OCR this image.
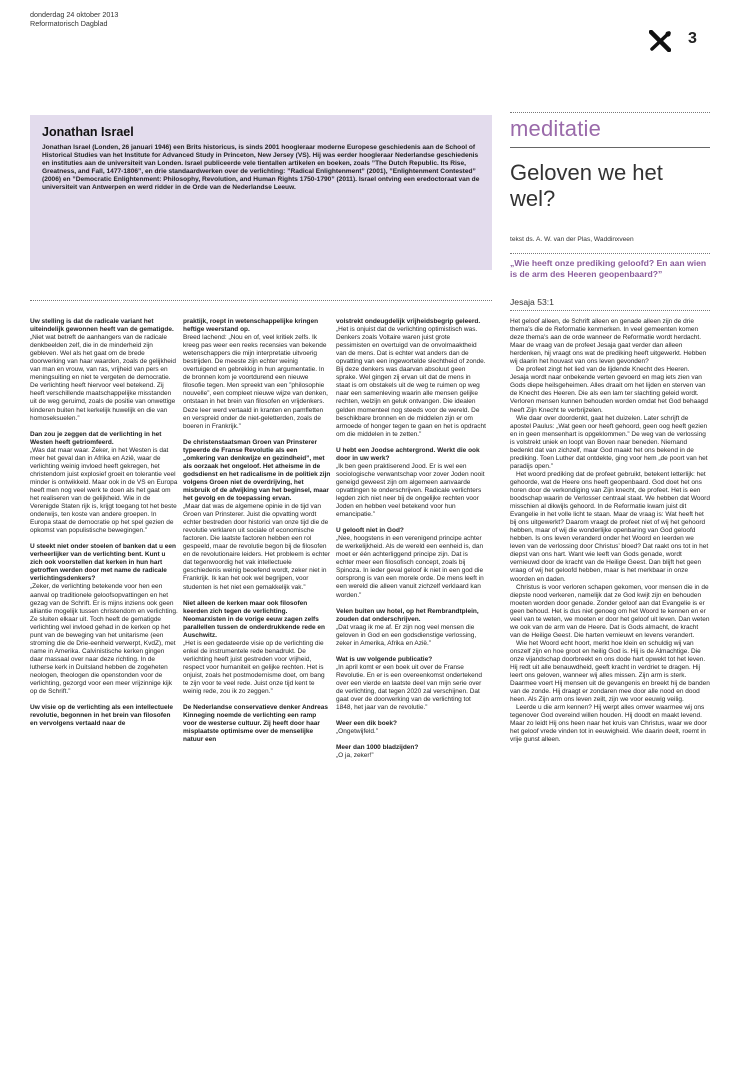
donderdag 24 oktober 2013
Reformatorisch Dagblad
3
Jonathan Israel

Jonathan Israel (Londen, 26 januari 1946) een Brits historicus, is sinds 2001 hoogleraar moderne Europese geschiedenis aan de School of Historical Studies van het Institute for Advanced Study in Princeton, New Jersey (VS). Hij was eerder hoogleraar Nederlandse geschiedenis en instituties aan de universiteit van Londen. Israel publiceerde vele tientallen artikelen en boeken, zoals ”The Dutch Republic. Its Rise, Greatness, and Fall, 1477-1806”, en drie standaardwerken over de verlichting: ”Radical Enlightenment” (2001), ”Enlightenment Contested” (2006) en ”Democratic Enlightenment: Philosophy, Revolution, and Human Rights 1750-1790” (2011). Israel ontving een eredoctoraat van de universiteit van Antwerpen en werd ridder in de Orde van de Nederlandse Leeuw.

Uw stelling is dat de radicale variant het uiteindelijk gewonnen heeft van de gematigde.

„Niet wat betreft de aanhangers van de radicale denkbeelden zelf, die in de minderheid zijn gebleven. Wel als het gaat om de brede doorwerking van haar waarden, zoals de gelijkheid van man en vrouw, van ras, vrijheid van pers en meningsuiting en niet te vergeten de democratie. De verlichting heeft hiervoor veel betekend. Zij heeft verschillende maatschappelijke misstanden uit de weg geruimd, zoals de positie van onwettige kinderen buiten het kerkelijk huwelijk en die van homoseksuelen.”

Dan zou je zeggen dat de verlichting in het Westen heeft getriomfeerd.

„Was dat maar waar. Zeker, in het Westen is dat meer het geval dan in Afrika en Azië, waar de verlichting weinig invloed heeft gekregen, het christendom juist explosief groeit en tolerantie veel minder is ontwikkeld. Maar ook in de VS en Europa heeft men nog veel werk te doen als het gaat om het realiseren van de gelijkheid. Wie in de Verenigde Staten rijk is, krijgt toegang tot het beste onderwijs, ten koste van andere groepen. In Europa staat de democratie op het spel gezien de opkomst van populistische bewegingen.”

U steekt niet onder stoelen of banken dat u een verheerlijker van de verlichting bent. Kunt u zich ook voorstellen dat kerken in hun hart getroffen werden door met name de radicale verlichtingsdenkers?

„Zeker, de verlichting betekende voor hen een aanval op traditionele geloofsopvattingen en het gezag van de Schrift. Er is mijns inziens ook geen alliantie mogelijk tussen christendom en verlichting. Ze sluiten elkaar uit. Toch heeft de gematigde verlichting wel invloed gehad in de kerken op het punt van de beweging van het unitarisme (een stroming die de Drie-eenheid verwerpt, KvdZ), met name in Amerika. Calvinistische kerken gingen daar massaal over naar deze richting. In de lutherse kerk in Duitsland hebben de zogeheten neologen, theologen die openstonden voor de verlichting, gezorgd voor een meer vrijzinnige kijk op de Schrift.”

Uw visie op de verlichting als een intellectuele revolutie, begonnen in het brein van filosofen en vervolgens vertaald naar de

praktijk, roept in wetenschappelijke kringen heftige weerstand op.

Breed lachend: „Nou en of, veel kritiek zelfs. Ik kreeg pas weer een reeks recensies van bekende wetenschappers die mijn interpretatie uitvoerig bestrijden. De meeste zijn echter weinig overtuigend en gebrekkig in hun argumentatie. In de bronnen kom je voortdurend een nieuwe filosofie tegen. Men spreekt van een ”philosophie nouvelle”, een compleet nieuwe wijze van denken, ontstaan in het brein van filosofen en vrijdenkers. Deze leer werd vertaald in kranten en pamfletten en verspreid onder de niet-geletterden, zoals de boeren in Frankrijk.”

De christenstaatsman Groen van Prinsterer typeerde de Franse Revolutie als een „omkering van denkwijze en gezindheid”, met als oorzaak het ongeloof. Het atheisme in de godsdienst en het radicalisme in de politiek zijn volgens Groen niet de overdrijving, het misbruik of de afwijking van het beginsel, maar het gevolg en de toepassing ervan.

„Maar dat was de algemene opinie in de tijd van Groen van Prinsterer. Juist die opvatting wordt echter bestreden door historici van onze tijd die de revolutie verklaren uit sociale of economische factoren. Die laatste factoren hebben een rol gespeeld, maar de revolutie begon bij de filosofen en de revolutionaire leiders. Het probleem is echter dat tegenwoordig het vak intellectuele geschiedenis weinig beoefend wordt, zeker niet in Frankrijk. Ik kan het ook wel begrijpen, voor studenten is het niet een gemakkelijk vak.”

Niet alleen de kerken maar ook filosofen keerden zich tegen de verlichting. Neomarxisten in de vorige eeuw zagen zelfs parallellen tussen de onderdrukkende rede en Auschwitz.

„Het is een gedateerde visie op de verlichting die enkel de instrumentele rede benadrukt. De verlichting heeft juist gestreden voor vrijheid, respect voor humaniteit en gelijke rechten. Het is onjuist, zoals het postmodernisme doet, om bang te zijn voor te veel rede. Juist onze tijd kent te weinig rede, zou ik zo zeggen.”

De Nederlandse conservatieve denker Andreas Kinneging noemde de verlichting een ramp voor de westerse cultuur. Zij heeft door haar misplaatste optimisme over de menselijke natuur een

volstrekt ondeugdelijk vrijheidsbegrip geleerd.

„Het is onjuist dat de verlichting optimistisch was. Denkers zoals Voltaire waren juist grote pessimisten en overtuigd van de onvolmaaktheid van de mens. Dat is echter wat anders dan de opvatting van een ingewortelde slechtheid of zonde. Bij deze denkers was daarvan absoluut geen sprake. Wel gingen zij ervan uit dat de mens in staat is om obstakels uit de weg te ruimen op weg naar een samenleving waarin alle mensen gelijke rechten, welzijn en geluk ontvangen. Die idealen gelden momenteel nog steeds voor de wereld. De beschikbare bronnen en de middelen zijn er om armoede of honger tegen te gaan en het is opdracht om die middelen in te zetten.”

U hebt een Joodse achtergrond. Werkt die ook door in uw werk?

„Ik ben geen praktiserend Jood. Er is wel een sociologische verwantschap voor zover Joden nooit geneigd geweest zijn om algemeen aanvaarde opvattingen te onderschrijven. Radicale verlichters legden zich niet neer bij de ongelijke rechten voor Joden en hebben veel betekend voor hun emancipatie.”

U gelooft niet in God?

„Nee, hoogstens in een verenigend principe achter de werkelijkheid. Als de wereld een eenheid is, dan moet er één achterliggend principe zijn. Dat is echter meer een filosofisch concept, zoals bij Spinoza. In ieder geval geloof ik niet in een god die oorsprong is van een morele orde. De mens leeft in een wereld die alleen vanuit zichzelf verklaard kan worden.”

Velen buiten uw hotel, op het Rembrandtplein, zouden dat onderschrijven.

„Dat vraag ik me af. Er zijn nog veel mensen die geloven in God en een godsdienstige verlossing, zeker in Amerika, Afrika en Azië.”

Wat is uw volgende publicatie?

„In april komt er een boek uit over de Franse Revolutie. En er is een overeenkomst ondertekend over een vierde en laatste deel van mijn serie over de verlichting, dat tegen 2020 zal verschijnen. Dat gaat over de doorwerking van de verlichting tot 1848, het jaar van de revolutie.”

Weer een dik boek?

„Ongetwijfeld.”

Meer dan 1000 bladzijden?

„O ja, zeker!”

meditatie
Geloven we het wel?
tekst ds. A. W. van der Plas, Waddinxveen
„Wie heeft onze prediking geloofd? En aan wien is de arm des Heeren geopenbaard?”
Jesaja 53:1

Het geloof alleen, de Schrift alleen en genade alleen zijn de drie thema’s die de Reformatie kenmerken. In veel gemeenten komen deze thema’s aan de orde wanneer de Reformatie wordt herdacht. Maar de vraag van de profeet Jesaja gaat verder dan alleen herdenken, hij vraagt ons wat de prediking heeft uitgewerkt. Hebben wij daarin het houvast van ons leven gevonden?

De profeet zingt het lied van de lijdende Knecht des Heeren. Jesaja wordt naar onbekende verten gevoerd en mag iets zien van Gods diepe heilsgeheimen. Alles draait om het lijden en sterven van de Knecht des Heeren. Die als een lam ter slachting geleid wordt. Verloren mensen kunnen behouden worden omdat het God behaagd heeft Zijn Knecht te verbrijzelen.

Wie daar over doordenkt, gaat het duizelen. Later schrijft de apostel Paulus: „Wat geen oor heeft gehoord, geen oog heeft gezien en in geen mensenhart is opgeklommen.” De weg van de verlossing is volstrekt uniek en loopt van Boven naar beneden. Niemand bedenkt dat van zichzelf, maar God maakt het ons bekend in de prediking. Toen Luther dat ontdekte, ging voor hem „de poort van het paradijs open.”

Het woord prediking dat de profeet gebruikt, betekent letterlijk: het gehoorde, wat de Heere ons heeft geopenbaard. God doet het ons horen door de verkondiging van Zijn knecht, de profeet. Het is een boodschap waarin de Verlosser centraal staat. We hebben dat Woord misschien al dikwijls gehoord. In de Reformatie kwam juist dit Evangelie in het volle licht te staan. Maar de vraag is: Wat heeft het bij ons uitgewerkt? Daarom vraagt de profeet niet of wij het gehoord hebben, maar of wij die wonderlijke openbaring van God geloofd hebben. Is ons leven veranderd onder het Woord en leerden we leven van de verlossing door Christus’ bloed? Dat raakt ons tot in het diepst van ons hart. Want wie leeft van Gods genade, wordt vernieuwd door de kracht van de Heilige Geest. Dan blijft het geen vraag of wij het geloofd hebben, maar is het merkbaar in onze woorden en daden.

Christus is voor verloren schapen gekomen, voor mensen die in de diepste nood verkeren, namelijk dat ze God kwijt zijn en behouden moeten worden door genade. Zonder geloof aan dat Evangelie is er geen behoud. Het is dus niet genoeg om het Woord te kennen en er veel van te weten, we moeten er door het geloof uit leven. Dan weten we ook van de arm van de Heere. Dat is Gods almacht, de kracht van de Heilige Geest. Die harten vernieuwt en levens verandert.

Wie het Woord echt hoort, merkt hoe klein en schuldig wij van onszelf zijn en hoe groot en heilig God is. Hij is de Almachtige. Die onze vijandschap doorbreekt en ons dode hart opwekt tot het leven. Hij redt uit alle benauwdheid, geeft kracht in verdriet te dragen. Hij leert ons geloven, wanneer wij alles missen. Zijn arm is sterk. Daarmee voert Hij mensen uit de gevangenis en breekt hij de banden van de zonde. Hij draagt er zondaren mee door alle nood en dood heen. Als Zijn arm ons leven zeilt, zijn we voor eeuwig veilig.

Leerde u die arm kennen? Hij werpt alles omver waarmee wij ons tegenover God overeind willen houden. Hij doodt en maakt levend. Maar zo leidt Hij ons heen naar het kruis van Christus, waar we door het geloof vrede vinden tot in eeuwigheid. Wie daarin deelt, roemt in vrije gunst alleen.
